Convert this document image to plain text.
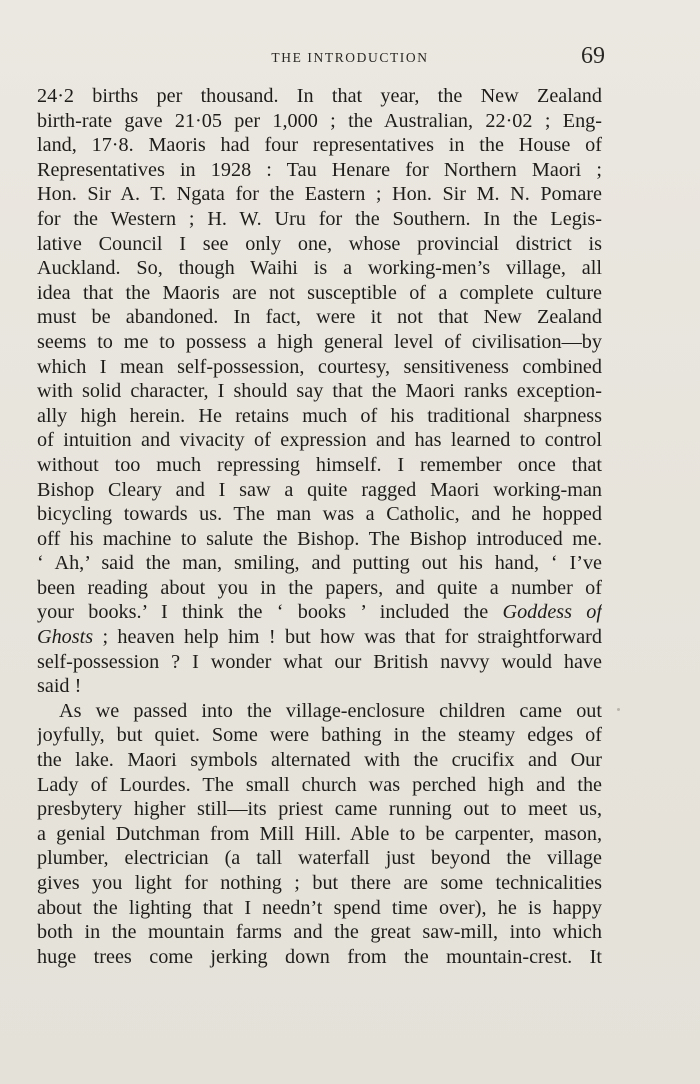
THE INTRODUCTION	69
24·2 births per thousand. In that year, the New Zealand
birth-rate gave 21·05 per 1,000 ; the Australian, 22·02 ; Eng-
land, 17·8. Maoris had four representatives in the House of
Representatives in 1928 : Tau Henare for Northern Maori ;
Hon. Sir A. T. Ngata for the Eastern ; Hon. Sir M. N. Pomare
for the Western ; H. W. Uru for the Southern. In the Legis-
lative Council I see only one, whose provincial district is
Auckland. So, though Waihi is a working-men’s village, all
idea that the Maoris are not susceptible of a complete culture
must be abandoned. In fact, were it not that New Zealand
seems to me to possess a high general level of civilisation—by
which I mean self-possession, courtesy, sensitiveness combined
with solid character, I should say that the Maori ranks exception-
ally high herein. He retains much of his traditional sharpness
of intuition and vivacity of expression and has learned to control
without too much repressing himself. I remember once that
Bishop Cleary and I saw a quite ragged Maori working-man
bicycling towards us. The man was a Catholic, and he hopped
off his machine to salute the Bishop. The Bishop introduced me.
‘ Ah,’ said the man, smiling, and putting out his hand, ‘ I’ve
been reading about you in the papers, and quite a number of
your books.’ I think the ‘ books ’ included the Goddess of
Ghosts ; heaven help him ! but how was that for straightforward
self-possession ? I wonder what our British navvy would have
said !
As we passed into the village-enclosure children came out
joyfully, but quiet. Some were bathing in the steamy edges of
the lake. Maori symbols alternated with the crucifix and Our
Lady of Lourdes. The small church was perched high and the
presbytery higher still—its priest came running out to meet us,
a genial Dutchman from Mill Hill. Able to be carpenter, mason,
plumber, electrician (a tall waterfall just beyond the village
gives you light for nothing ; but there are some technicalities
about the lighting that I needn’t spend time over), he is happy
both in the mountain farms and the great saw-mill, into which
huge trees come jerking down from the mountain-crest. It
